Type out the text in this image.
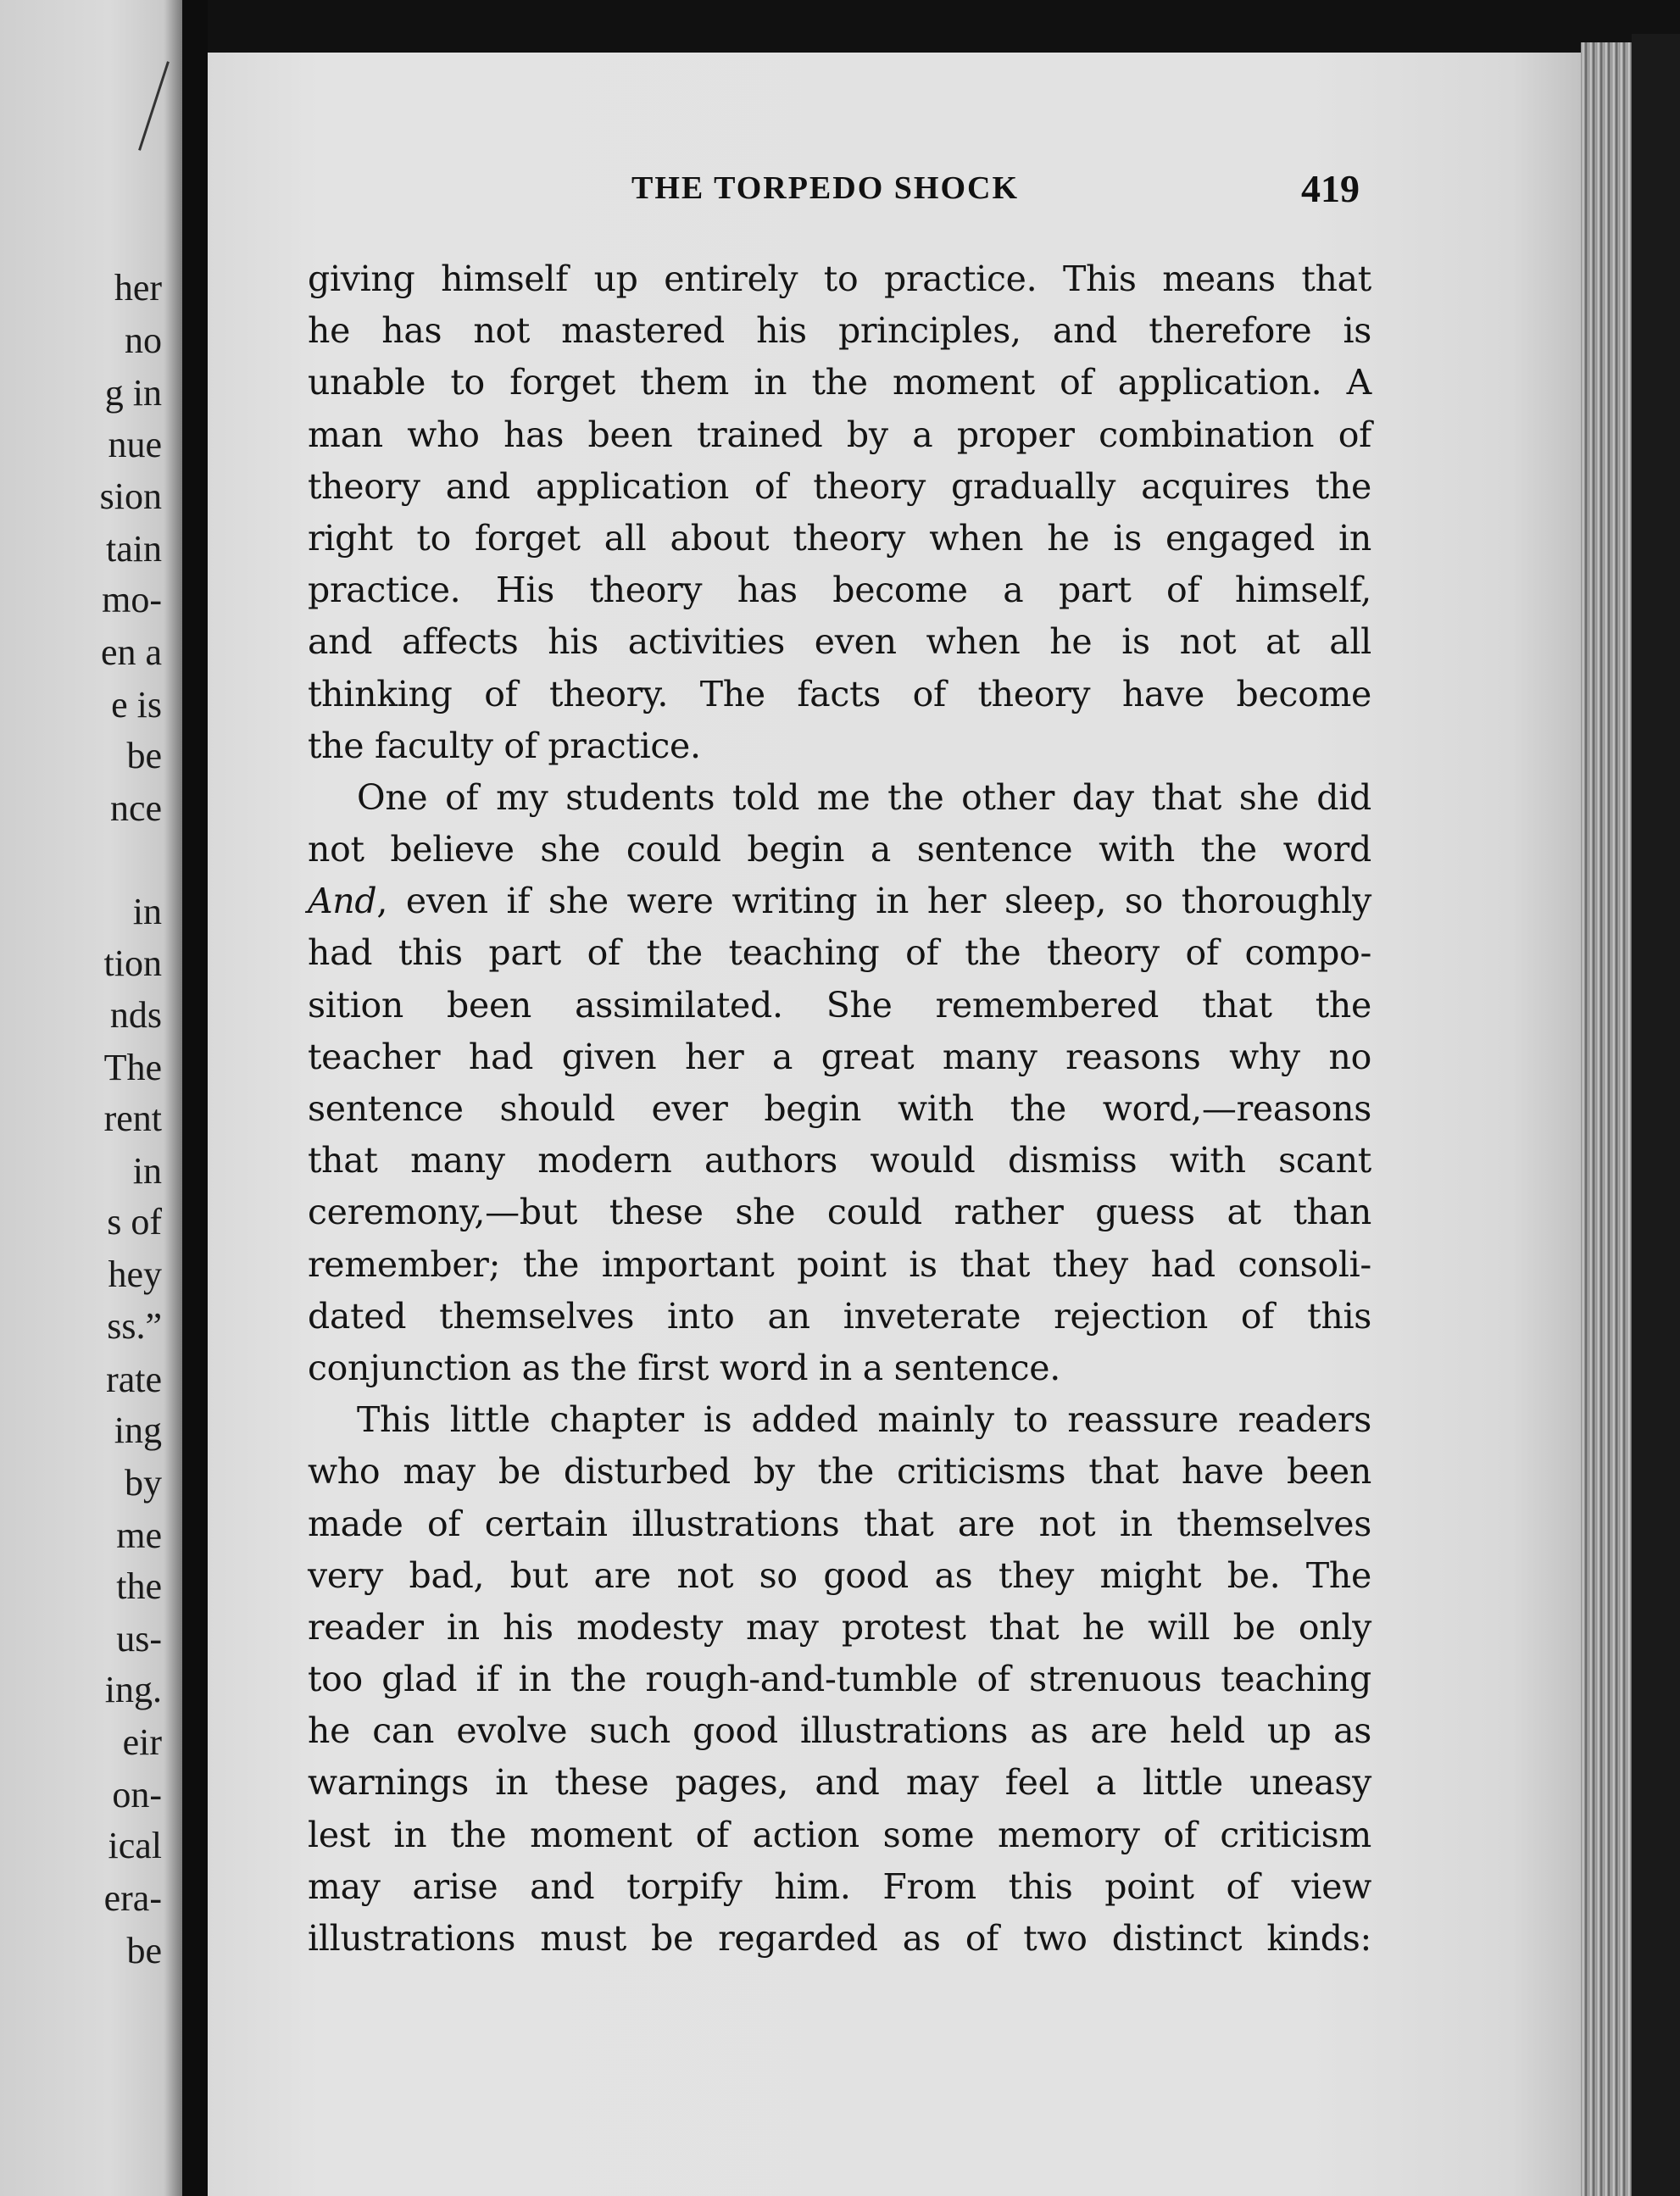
her
no
g in
nue
sion
tain
mo-
en a
e is
be
nce
in
tion
nds
The
rent
in
s of
hey
ss.”
rate
ing
by
me
the
us-
ing.
eir
on-
ical
era-
be
THE TORPEDO SHOCK	419
giving himself up entirely to practice. This means that
he has not mastered his principles, and therefore is
unable to forget them in the moment of application. A
man who has been trained by a proper combination of
theory and application of theory gradually acquires the
right to forget all about theory when he is engaged in
practice. His theory has become a part of himself,
and affects his activities even when he is not at all
thinking of theory. The facts of theory have become
the faculty of practice.
One of my students told me the other day that she did
not believe she could begin a sentence with the word
And, even if she were writing in her sleep, so thoroughly
had this part of the teaching of the theory of compo-
sition been assimilated. She remembered that the
teacher had given her a great many reasons why no
sentence should ever begin with the word,—reasons
that many modern authors would dismiss with scant
ceremony,—but these she could rather guess at than
remember; the important point is that they had consoli-
dated themselves into an inveterate rejection of this
conjunction as the first word in a sentence.
This little chapter is added mainly to reassure readers
who may be disturbed by the criticisms that have been
made of certain illustrations that are not in themselves
very bad, but are not so good as they might be. The
reader in his modesty may protest that he will be only
too glad if in the rough-and-tumble of strenuous teaching
he can evolve such good illustrations as are held up as
warnings in these pages, and may feel a little uneasy
lest in the moment of action some memory of criticism
may arise and torpify him. From this point of view
illustrations must be regarded as of two distinct kinds:
